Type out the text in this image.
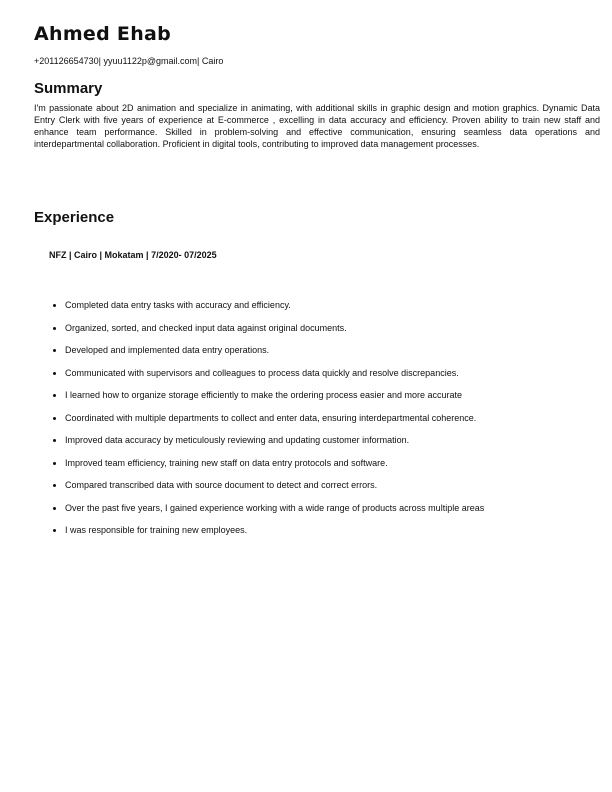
Ahmed Ehab
+201126654730| yyuu1122p@gmail.com| Cairo
Summary
I'm passionate about 2D animation and specialize in animating, with additional skills in graphic design and motion graphics. Dynamic Data Entry Clerk with five years of experience at E-commerce , excelling in data accuracy and efficiency. Proven ability to train new staff and enhance team performance. Skilled in problem-solving and effective communication, ensuring seamless data operations and interdepartmental collaboration. Proficient in digital tools, contributing to improved data management processes.
Experience
NFZ | Cairo | Mokatam | 7/2020- 07/2025
• Completed data entry tasks with accuracy and efficiency.
• Organized, sorted, and checked input data against original documents.
• Developed and implemented data entry operations.
• Communicated with supervisors and colleagues to process data quickly and resolve discrepancies.
• I learned how to organize storage efficiently to make the ordering process easier and more accurate
• Coordinated with multiple departments to collect and enter data, ensuring interdepartmental coherence.
• Improved data accuracy by meticulously reviewing and updating customer information.
• Improved team efficiency, training new staff on data entry protocols and software.
• Compared transcribed data with source document to detect and correct errors.
• Over the past five years, I gained experience working with a wide range of products across multiple areas
• I was responsible for training new employees.
